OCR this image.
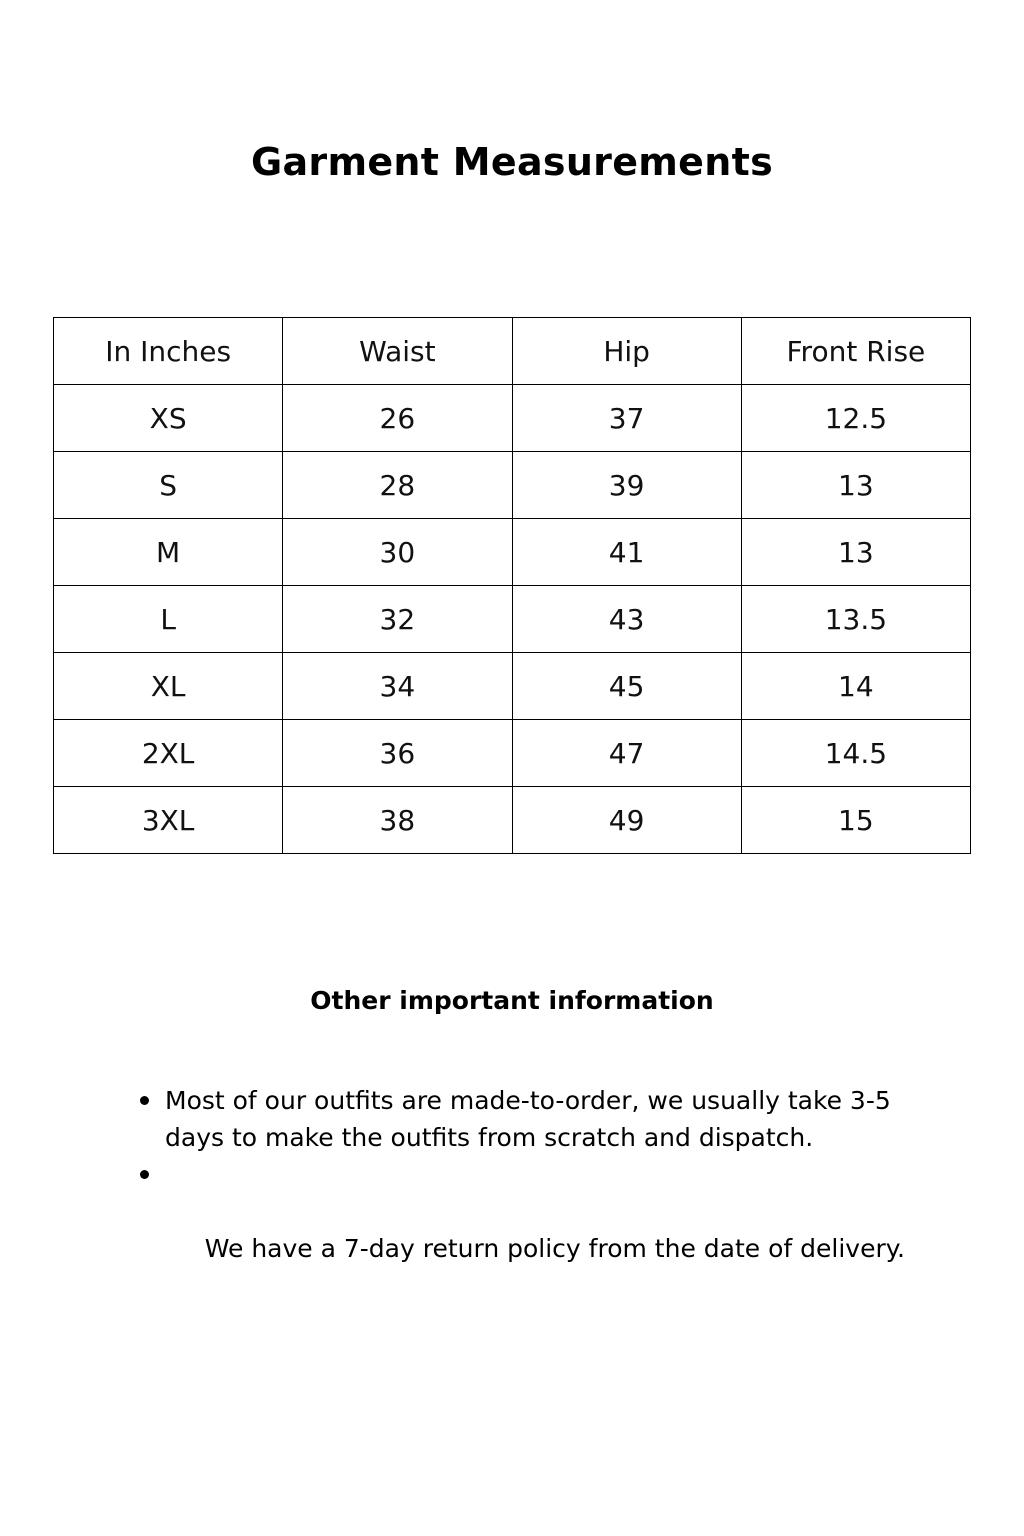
Garment Measurements
In Inches	Waist	Hip	Front Rise
XS	26	37	12.5
S	28	39	13
M	30	41	13
L	32	43	13.5
XL	34	45	14
2XL	36	47	14.5
3XL	38	49	15
Other important information
Most of our outfits are made-to-order, we usually take 3-5 days to make the outfits from scratch and dispatch.

We have a 7-day return policy from the date of delivery.
